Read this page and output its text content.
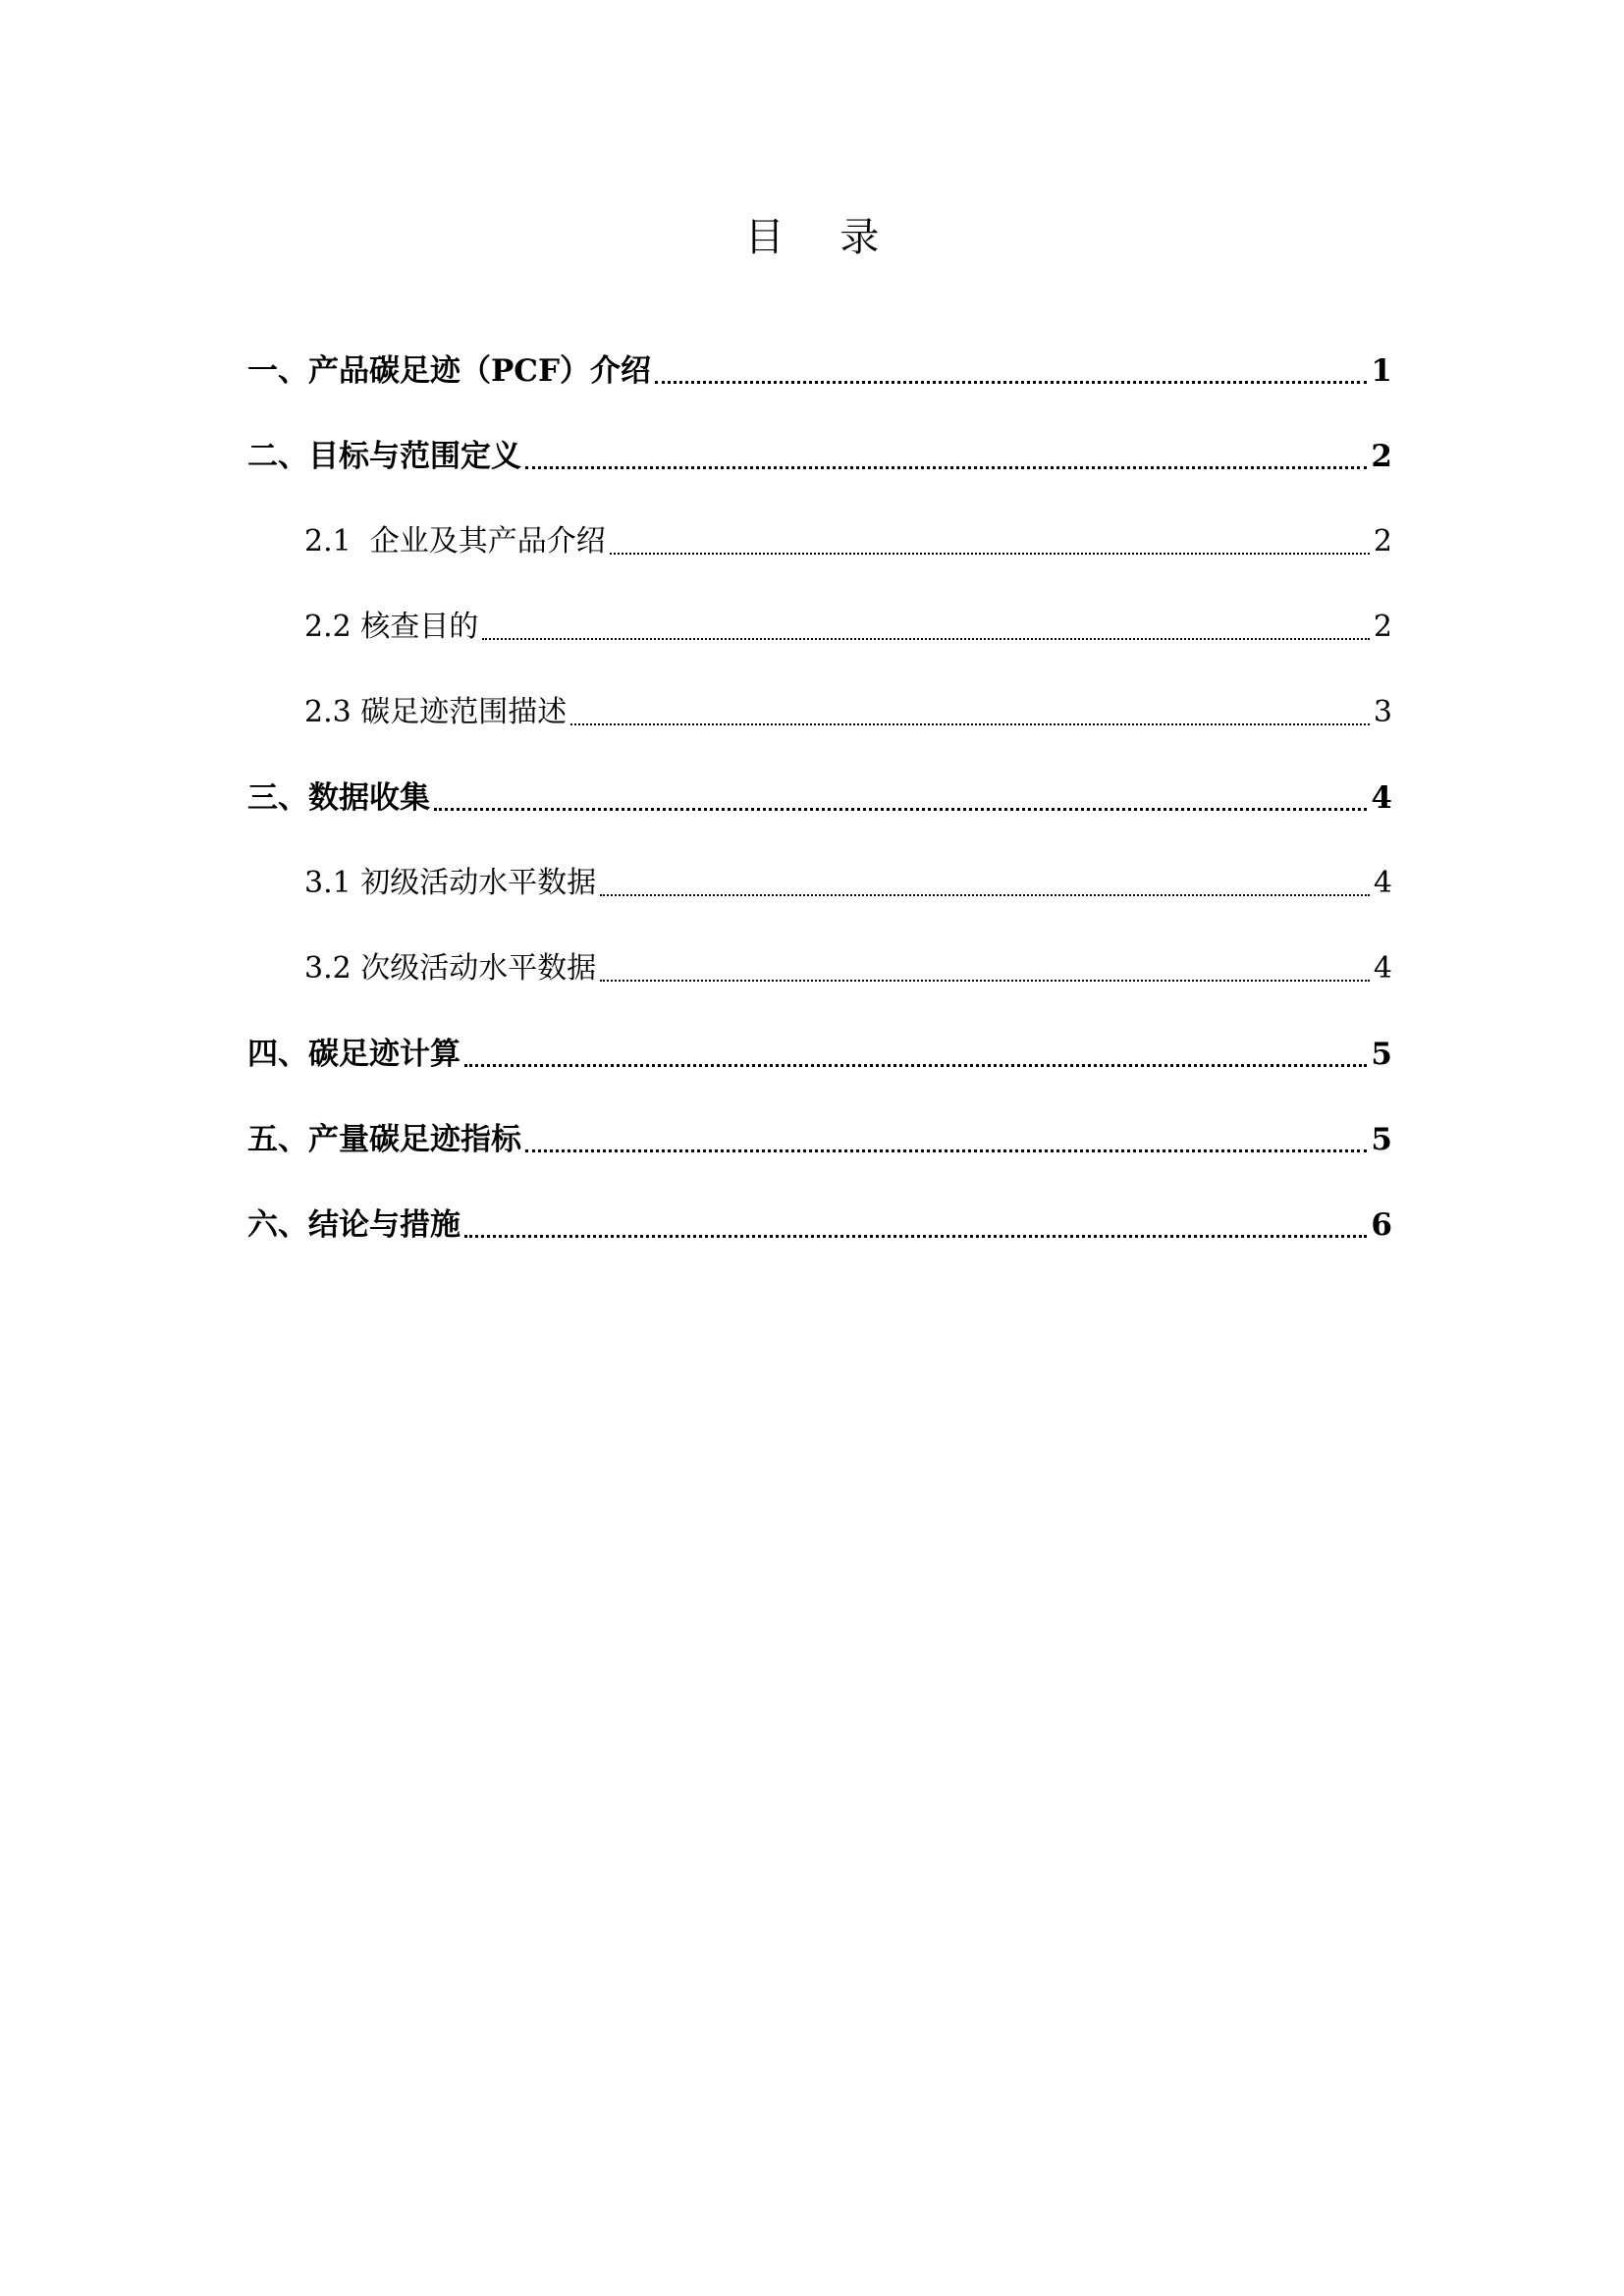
目 录
一、产品碳足迹（PCF）介绍	1
二、目标与范围定义	2
2.1  企业及其产品介绍	2
2.2 核查目的	2
2.3 碳足迹范围描述	3
三、数据收集	4
3.1 初级活动水平数据	4
3.2 次级活动水平数据	4
四、碳足迹计算	5
五、产量碳足迹指标	5
六、结论与措施	6
